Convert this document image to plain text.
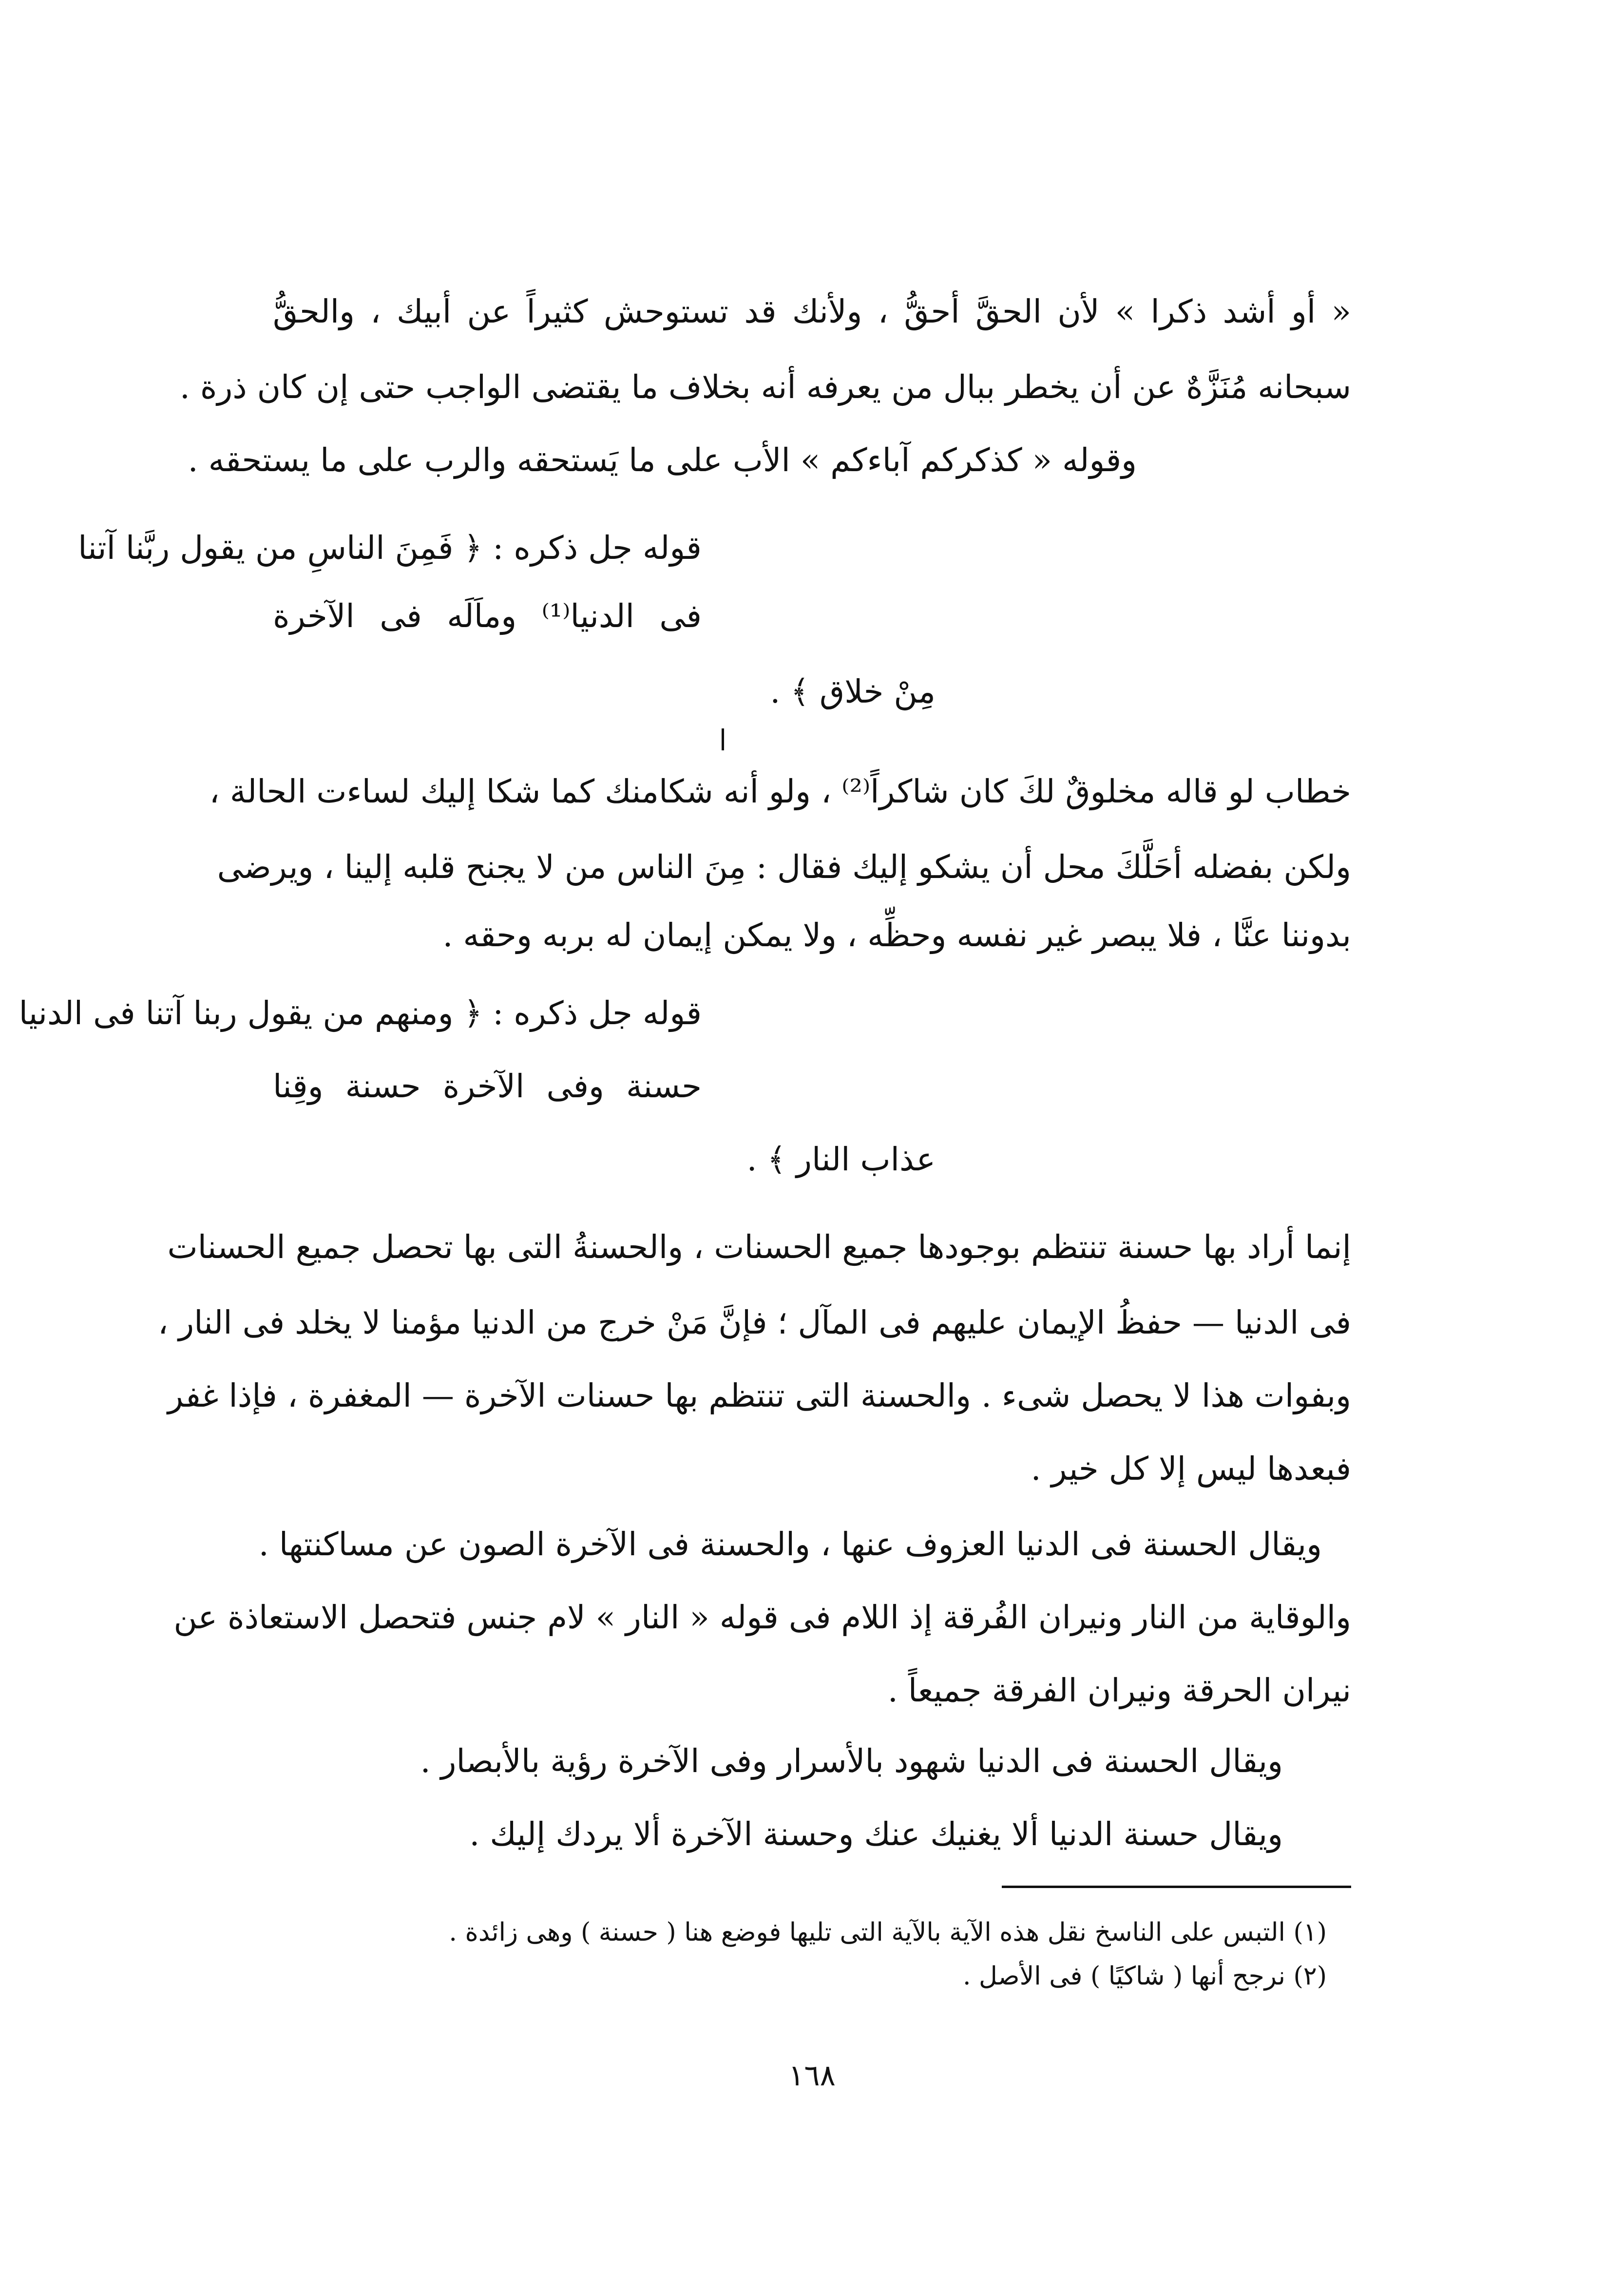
« أو أشد ذكرا » لأن الحقَّ أحقُّ ، ولأنك قد تستوحش كثيراً عن أبيك ، والحقُّ
سبحانه مُنَزَّهٌ عن أن يخطر ببال من يعرفه أنه بخلاف ما يقتضى الواجب حتى إن كان ذرة .
وقوله « كذكركم آباءكم » الأب على ما يَستحقه والرب على ما يستحقه .
قوله جل ذكره : ﴿ فَمِنَ الناسِ من يقول ربَّنا آتنا
فى الدنيا⁽¹⁾ وماَلَه فى الآخرة
مِنْ خلاق ﴾ .
خطاب لو قاله مخلوقٌ لكَ كان شاكراً⁽²⁾ ، ولو أنه شكامنك كما شكا إليك لساءت الحالة ،
ولكن بفضله أحَلَّكَ محل أن يشكو إليك فقال : مِنَ الناس من لا يجنح قلبه إلينا ، ويرضى
بدوننا عنَّا ، فلا يبصر غير نفسه وحظِّه ، ولا يمكن إيمان له بربه وحقه .
قوله جل ذكره : ﴿ ومنهم من يقول ربنا آتنا فى الدنيا
حسنة وفى الآخرة حسنة وقِنا
عذاب النار ﴾ .
إنما أراد بها حسنة تنتظم بوجودها جميع الحسنات ، والحسنةُ التى بها تحصل جميع الحسنات
فى الدنيا — حفظُ الإيمان عليهم فى المآل ؛ فإنَّ مَنْ خرج من الدنيا مؤمنا لا يخلد فى النار ،
وبفوات هذا لا يحصل شىء . والحسنة التى تنتظم بها حسنات الآخرة — المغفرة ، فإذا غفر
فبعدها ليس إلا كل خير .
ويقال الحسنة فى الدنيا العزوف عنها ، والحسنة فى الآخرة الصون عن مساكنتها .
والوقاية من النار ونيران الفُرقة إذ اللام فى قوله « النار » لام جنس فتحصل الاستعاذة عن
نيران الحرقة ونيران الفرقة جميعاً .
ويقال الحسنة فى الدنيا شهود بالأسرار وفى الآخرة رؤية بالأبصار .
ويقال حسنة الدنيا ألا يغنيك عنك وحسنة الآخرة ألا يردك إليك .
(١) التبس على الناسخ نقل هذه الآية بالآية التى تليها فوضع هنا ( حسنة ) وهى زائدة .
(٢) نرجح أنها ( شاكيًا ) فى الأصل .
١٦٨
